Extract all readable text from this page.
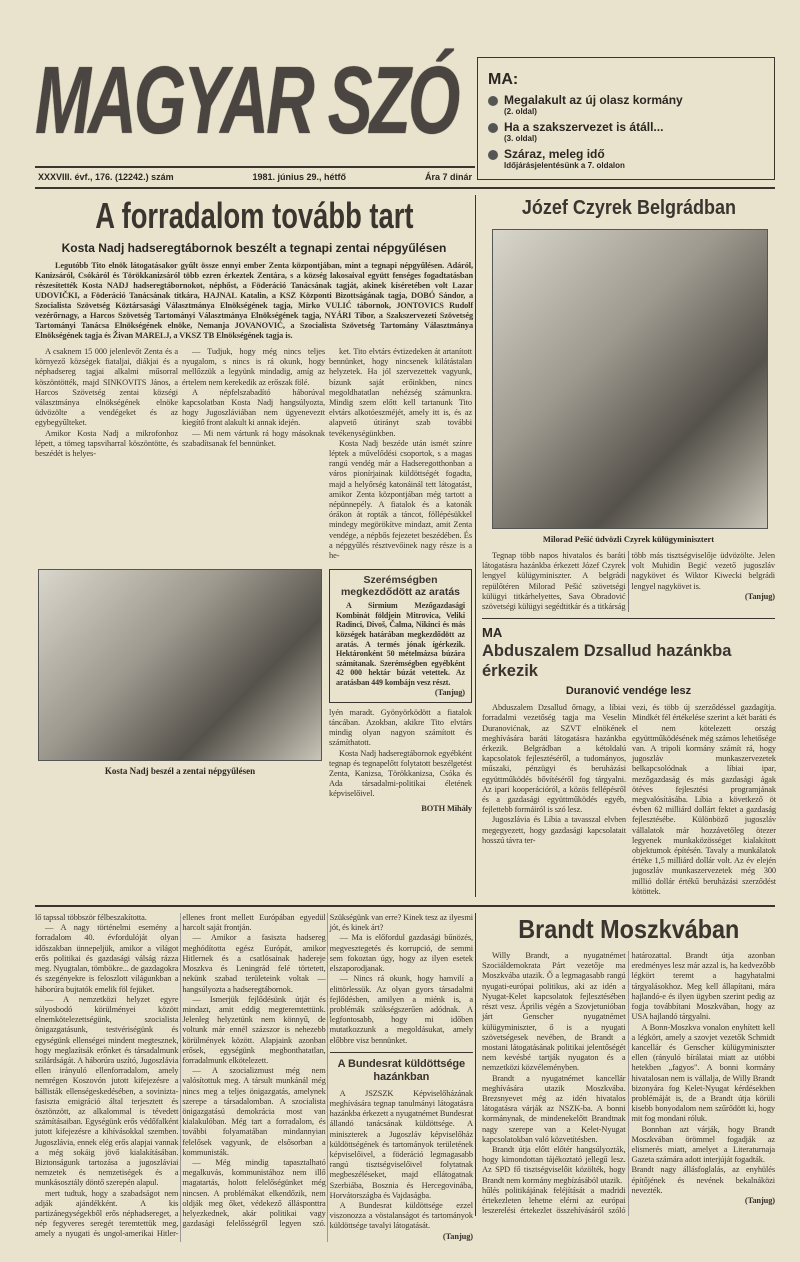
MAGYAR SZÓ
XXXVIII. évf., 176. (12242.) szám	1981. június 29., hétfő	Ára 7 dinár
MA:
Megalakult az új olasz kormány
(2. oldal)
Ha a szakszervezet is átáll...
(3. oldal)
Száraz, meleg idő
Időjárásjelentésünk a 7. oldalon
A forradalom tovább tart
Kosta Nadj hadseregtábornok beszélt a tegnapi zentai népgyűlésen
Legutóbb Tito elnök látogatásakor gyűlt össze ennyi ember Zenta központjában, mint a tegnapi népgyűlésen. Adáról, Kanizsáról, Csókáról és Törökkanizsáról több ezren érkeztek Zentára, s a község lakosaival együtt fenséges fogadtatásban részesítették Kosta NADJ hadseregtábornokot, néphőst, a Föderáció Tanácsának tagját, akinek kíséretében volt Lazar UDOVIČKI, a Föderáció Tanácsának titkára, HAJNAL Katalin, a KSZ Központi Bizottságának tagja, DOBÓ Sándor, a Szocialista Szövetség Köztársasági Választmánya Elnökségének tagja, Mirko VULIĆ tábornok, JONTOVICS Rudolf vezérőrnagy, a Harcos Szövetség Tartományi Választmánya Elnökségének tagja, NYÁRI Tibor, a Szakszervezeti Szövetség Tartományi Tanácsa Elnökségének elnöke, Nemanja JOVANOVIĆ, a Szocialista Szövetség Tartomány Választmánya Elnökségének tagja és Živan MARELJ, a VKSZ TB Elnökségének tagja is.

A csaknem 15 000 jelenlevőt Zenta és a környező községek fiataljai, diákjai és a néphadsereg tagjai alkalmi műsorral köszöntötték, majd SINKOVITS János, a Harcos Szövetség zentai községi választmánya elnökségének elnöke üdvözölte a vendégeket és az egybegyűlteket.

Amikor Kosta Nadj a mikrofonhoz lépett, a tömeg tapsviharral köszöntötte, és beszédét is helyes-

— Tudjuk, hogy még nincs teljes nyugalom, s nincs is rá okunk, hogy mellőzzük a legyünk mindadig, amíg az értelem nem kerekedik az erőszak fölé.

A népfelszabadító háborúval kapcsolatban Kosta Nadj hangsúlyozta, hogy Jugoszláviában nem ügyeneveztt kiegítő front alakult ki annak idején.

— Mi nem vártunk rá hogy másoknak szabadítsanak fel bennünket.

ket. Tito elvtárs évtizedeken át artanított bennünket, hogy nincsenek kilátástalan helyzetek. Ha jól szervezettek vagyunk, bízunk saját erőinkben, nincs megoldhatatlan nehézség számunkra. Mindig szem előtt kell tartanunk Tito elvtárs alkotóeszméjét, amely itt is, és az alapvető útirányt szab további tevékenységünkben.

Kosta Nadj beszéde után ismét színre léptek a művelődési csoportok, s a magas rangú vendég már a Hadseregotthonban a város pionírjainak küldöttségét fogadta, majd a helyőrség katonáinál tett látogatást, amikor Zenta központjában még tartott a népünnepély. A fiatalok és a katonák órákon át ropták a táncot, föllépésükkel mindegy megörökítve mindazt, amit Zenta vendége, a népbős fejezetet beszédében. És a népgyűlés résztvevőinek nagy része is a he-

Kosta Nadj beszél a zentai népgyűlésen
Szerémségben megkezdődött az aratás
A Sirmium Mezőgazdasági Kombinát földjein Mitrovica, Veliki Radinci, Divoš, Čalma, Nikinci és más községek határában megkezdődött az aratás. A termés jónak ígérkezik. Hektáronként 50 mételmázsa búzára számítanak. Szerémségben egyébként 42 000 hektár búzát vetettek. Az aratásban 449 kombájn vesz részt.
(Tanjug)

lyén maradt. Gyönyörködött a fiatalok táncában. Azokban, akikre Tito elvtárs mindig olyan nagyon számított és számíthatott.

Kosta Nadj hadseregtábornok egyébként tegnap és tegnapelőtt folytatott beszélgetést Zenta, Kanizsa, Törökkanizsa, Csóka és Ada társadalmi-politikai életének képviselőivel.

BOTH Mihály
Józef Czyrek Belgrádban
Milorad Pešić üdvözli Czyrek külügyminisztert

Tegnap több napos hivatalos és baráti látogatásra hazánkba érkezett Józef Czyrek lengyel külügyminiszter. A belgrádi repülőtéren Milorad Pešić szövetségi külügyi titkárhelyettes, Sava Obradović szövetségi külügyi segédtitkár és a titkárság több más tisztségviselője üdvözölte. Jelen volt Muhidin Begić vezető jugoszláv nagykövet és Wiktor Kiwecki belgrádi lengyel nagykövet is.

(Tanjug)
MA
Abduszalem Dzsallud hazánkba érkezik
Duranović vendége lesz

Abduszalem Dzsallud őrnagy, a líbiai forradalmi vezetőség tagja ma Veselin Duranovićnak, az SZVT elnökének meghívására baráti látogatásra hazánkba érkezik. Belgrádban a kétoldalú kapcsolatok fejlesztéséről, a tudományos, műszaki, pénzügyi és beruházási együttműködés bővítéséről fog tárgyalni. Az ipari kooperációról, a közös fellépésről és a gazdasági együttműködés egyéb, fejlettebb formáiról is szó lesz.

Jugoszlávia és Líbia a tavasszal elvben megegyezett, hogy gazdasági kapcsolatait hosszú távra ter-

vezi, és több új szerződéssel gazdagítja. Mindkét fél értékelése szerint a két baráti és el nem kötelezett ország együttműködésének még számos lehetősége van. A tripoli kormány számít rá, hogy jugoszláv munkaszervezetek belkapcsolódnak a líbiai ipar, mezőgazdaság és más gazdasági ágak ötéves fejlesztési programjának megvalósításába. Líbia a következő öt évben 62 milliárd dollárt fektet a gazdaság fejlesztésébe. Különböző jugoszláv vállalatok már hozzávetőleg ötezer legyenek munkaközösséget kialakított objektumok építésén. Tavaly a munkálatok értéke 1,5 milliárd dollár volt. Az év elején jugoszláv munkaszervezetek még 300 millió dollár értékű beruházási szerződést kötöttek.

lő tapssal többször félbeszakította.

— A nagy történelmi esemény a forradalom 40. évfordulóját olyan időszakban ünnepeljük, amikor a világot erős politikai és gazdasági válság rázza meg. Nyugtalan, tömbökre... de gazdagokra és szegényekre is feloszlott világunkban a háborúra bujtatók emelik föl fejüket.

— A nemzetközi helyzet egyre súlyosbodó körülményei között elnemkötelezettségünk, szocialista önigazgatásunk, testvériségünk és egységünk ellenségei mindent megtesznek, hogy meglazítsák erőnket és társadalmunk szilárdságát. A háborúra uszító, Jugoszlávia ellen irányuló ellenforradalom, amely nemrégen Koszovón jutott kifejezésre a bállisták ellenségeskedésében, a sovinizta-fasiszta emigráció által terjesztett és ösztönzött, az alkalommal is tévedett számításaiban. Egységünk erős védőfalként jutott kifejezésre a kihívásokkal szemben. Jugoszlávia, ennek elég erős alapjai vannak a még sokáig jövő kialakításában. Biztonságunk tartozása a jugoszláviai nemzetek és nemzetiségek és a munkásosztály döntő szerepén alapul.

mert tudtuk, hogy a szabadságot nem adják ajándékként. A kis partizánegységekből erős néphadsereget, a nép fegyveres seregét teremtettük meg, amely a nyugati és ungol-amerikai Hitler-ellenes front mellett Európában egyedül harcolt saját frontján.

— Amikor a fasiszta hadsereg meghódította egész Európát, amikor Hitlernek és a csatlósainak hadereje Moszkva és Leningrád felé törtetett, nekünk szabad területeink voltak — hangsúlyozta a hadseregtábornok.

— Ismerjük fejlődésünk útját és mindazt, amit eddig megteremtettünk. Jelenleg helyzetünk nem könnyű, de voltunk már ennél százszor is nehezebb körülmények között. Alapjaink azonban erősek, egységünk megbonthatatlan, forradalmunk elkötelezett.

— A szocializmust még nem valósítottuk meg. A társult munkánál még nincs meg a teljes önigazgatás, amelynek szerepe a társadalomban. A szocialista önigazgatású demokrácia most van kialakulóban. Még tart a forradalom, és további folyamatában mindannyian felelősek vagyunk, de elsősorban a kommunisták.

— Még mindig tapasztalható megalkuvás, kommunistához nem illő magatartás, holott felelőségünket még nincsen. A problémákat elkendőzik, nem oldják meg őket, védekező állásponttra helyezkednek, akár politikai vagy gazdasági felelősségről legyen szó. Szükségünk van erre? Kinek tesz az ilyesmi jót, és kinek árt?

— Ma is előfordul gazdasági bűnözés, megvesztegetés és korrupció, de semmi sem fokoztan úgy, hogy az ilyen esetek elszaporodjanak.

— Nincs rá okunk, hogy hamvilí a elittörlessük. Az olyan gyors társadalmi fejlődésben, amilyen a miénk is, a problémák szükségszerűen adódnak. A legfontosabb, hogy mi időben mutatkozzunk a megoldásukat, amely előbbre visz bennünket.

A Bundesrat küldöttsége hazánkban

A JSZSZK Képviselőházának meghívására tegnap tanulmányi látogatásra hazánkba érkezett a nyugatnémet Bundesrat állandó tanácsának küldöttsége. A miniszterek a Jugoszláv képviselőház küldöttségének és tartományok területének képviselőivel, a föderáció legmagasabb rangú tisztségviselőivel folytatnak megbeszéléseket, majd ellátogatnak Szerbiába, Bosznia és Hercegovinába, Horvátországba és Vajdaságba.

A Bundesrat küldöttsége ezzel viszonozza a vöstalanságot és tartományok küldöttsége tavalyi látogatását.

(Tanjug)
Brandt Moszkvában

Willy Brandt, a nyugatnémet Szociáldemokrata Párt vezetője ma Moszkvába utazik. Ő a legmagasabb rangú nyugati-európai politikus, aki az idén a Nyugat-Kelet kapcsolatok fejlesztésében részt vesz. Április végén a Szovjetunióban járt Genscher nyugatnémet külügyminiszter, ő is a nyugati szövetségesek nevében, de Brandt a mostani látogatásának politikai jelentőségét nem kevésbé tartják nyugaton és a nemzetközi közvéleményben.

Brandt a nyugatnémet kancellár meghívására utazik Moszkvába. Brezsnyevet még az idén hivatalos látogatásra várják az NSZK-ba. A bonni kormánynak, de mindenekelőtt Brandtnak nagy szerepe van a Kelet-Nyugat kapcsolatokban való közvetítésben.

Brandt útja előtt előtér hangsúlyozták, hogy kimondottan tájékoztató jellegű lesz. Az SPD fő tisztségviselőit közölték, hogy Brandt nem kormány megbízásából utazik.

hűlés politikájának feléjítását a madridi értekezleten lehetne elérni az európai leszerelési értekezlet összehívásáról szóló határozattal. Brandt útja azonban eredményes lesz már azzal is, ha kedvezőbb légkört teremt a hagyhatalmi tárgyalásokhoz. Meg kell állapítani, mára hajlandó-e és ilyen ügyben szerint pedig az fogja továbbítani Moszkvában, hogy az USA hajlandó tárgyalni.

A Bonn-Moszkva vonalon enyhített kell a légkört, amely a szovjet vezetők Schmidt kancellár és Genscher külügyminiszter ellen (rányuló bírálatai miatt az utóbbi hetekben „fagyos". A bonni kormány hivatalosan nem is vállalja, de Willy Brandt bizonyára fog Kelet-Nyugat kérdésekben problémáját is, de a Brandt útja körüli kisebb bonyodalom nem szűrődött ki, hogy mit fog mondani róluk.

Bonnban azt várják, hogy Brandt Moszkvában örömmel fogadják az elismerés miatt, amelyet a Literaturnaja Gazeta számára adott interjúját fogadták.

Brandt nagy állásfoglalás, az enyhülés építőjének és nevének bekalnáközi nevezték.

(Tanjug)
